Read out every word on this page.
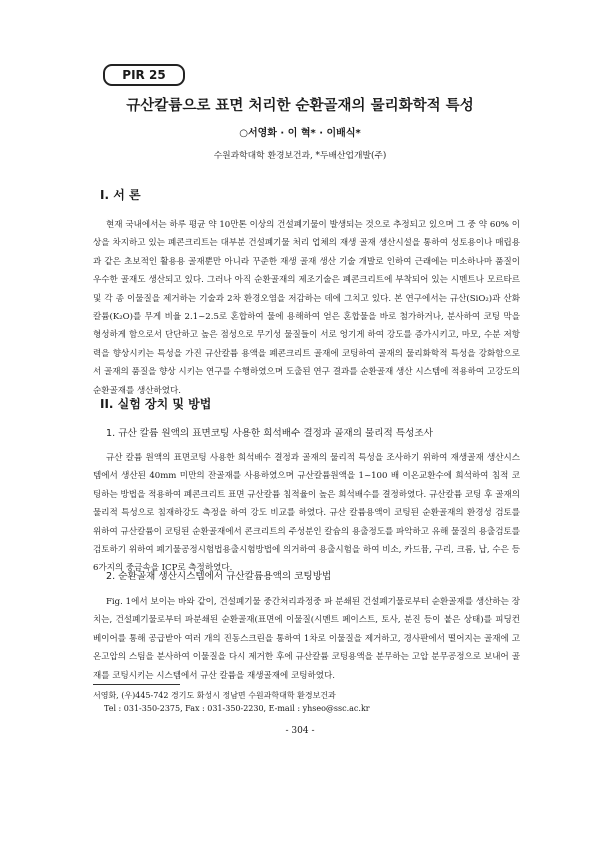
PIR 25
규산칼륨으로 표면 처리한 순환골재의 물리화학적 특성
○서영화 · 이 혁* · 이배식*
수원과학대학 환경보건과, *두배산업개발(주)
I. 서 론
현재 국내에서는 하루 평균 약 10만톤 이상의 건설폐기물이 발생되는 것으로 추정되고 있으며 그 중 약 60% 이상을 차지하고 있는 폐콘크리트는 대부분 건설폐기물 처리 업체의 재생 골재 생산시설을 통하여 성토용이나 매립용과 같은 초보적인 활용용 골재뿐만 아니라 꾸준한 재생 골재 생산 기술 개발로 인하여 근래에는 미소하나마 품질이 우수한 골재도 생산되고 있다. 그러나 아직 순환골재의 제조기술은 폐콘크리트에 부착되어 있는 시멘트나 모르타르 및 각 종 이물질을 제거하는 기술과 2차 환경오염을 저감하는 데에 그치고 있다. 본 연구에서는 규산(SiO₂)과 산화칼륨(K₂O)를 무게 비율 2.1~2.5로 혼합하여 물에 용해하여 얻은 혼합물을 바로 첨가하거나, 분사하여 코팅 막을 형성하게 함으로서 단단하고 높은 점성으로 무기성 물질들이 서로 엉기게 하여 강도를 증가시키고, 마모, 수분 저항력을 향상시키는 특성을 가진 규산칼륨 용액을 폐콘크리트 골재에 코팅하여 골재의 물리화학적 특성을 강화함으로서 골재의 품질을 향상 시키는 연구를 수행하였으며 도출된 연구 결과를 순환골재 생산 시스템에 적용하여 고강도의 순환골재를 생산하였다.
II. 실험 장치 및 방법
1. 규산 칼륨 원액의 표면코팅 사용한 희석배수 결정과 골재의 물리적 특성조사
규산 칼륨 원액의 표면코팅 사용한 희석배수 결정과 골재의 물리적 특성을 조사하기 위하여 재생골재 생산시스템에서 생산된 40mm 미만의 잔골재를 사용하였으며 규산칼륨원액을 1~100 배 이온교환수에 희석하여 침적 코팅하는 방법을 적용하여 폐콘크리트 표면 규산칼륨 침적율이 높은 희석배수를 결정하였다. 규산칼륨 코팅 후 골재의 물리적 특성으로 침재하강도 측정을 하여 강도 비교를 하였다. 규산 칼륨용액이 코팅된 순환골재의 환경성 검토를 위하여 규산칼륨이 코팅된 순환골재에서 콘크리트의 주성분인 칼슘의 용출정도를 파악하고 유해 물질의 용출검토를 검토하기 위하여 폐기물공정시험법용출시험방법에 의거하여 용출시험을 하여 비소, 카드뮴, 구리, 크롬, 납, 수은 등 6가지의 중금속을 ICP로 측정하였다.
2. 순환골재 생산시스템에서 규산칼륨용액의 코팅방법
Fig. 1에서 보이는 바와 같이, 건설폐기물 중간처리과정중 파 분쇄된 건설폐기물로부터 순환골재를 생산하는 장치는, 건설폐기물로부터 파분쇄된 순환골재(표면에 이물질(시멘트 페이스트, 토사, 분진 등이 붙은 상태)를 피딩컨베이어를 통해 공급받아 여러 개의 진동스크린을 통하여 1차로 이물질을 제거하고, 경사판에서 떨어지는 골재에 고온고압의 스팀을 분사하여 이물질을 다시 제거한 후에 규산칼륨 코팅용액을 분무하는 고압 분무공정으로 보내어 골재를 코팅시키는 시스템에서 규산 칼륨을 재생골재에 코팅하였다.
서영화, (우)445-742 경기도 화성시 정남면 수원과학대학 환경보건과
Tel : 031-350-2375, Fax : 031-350-2230, E-mail : yhseo@ssc.ac.kr
- 304 -
